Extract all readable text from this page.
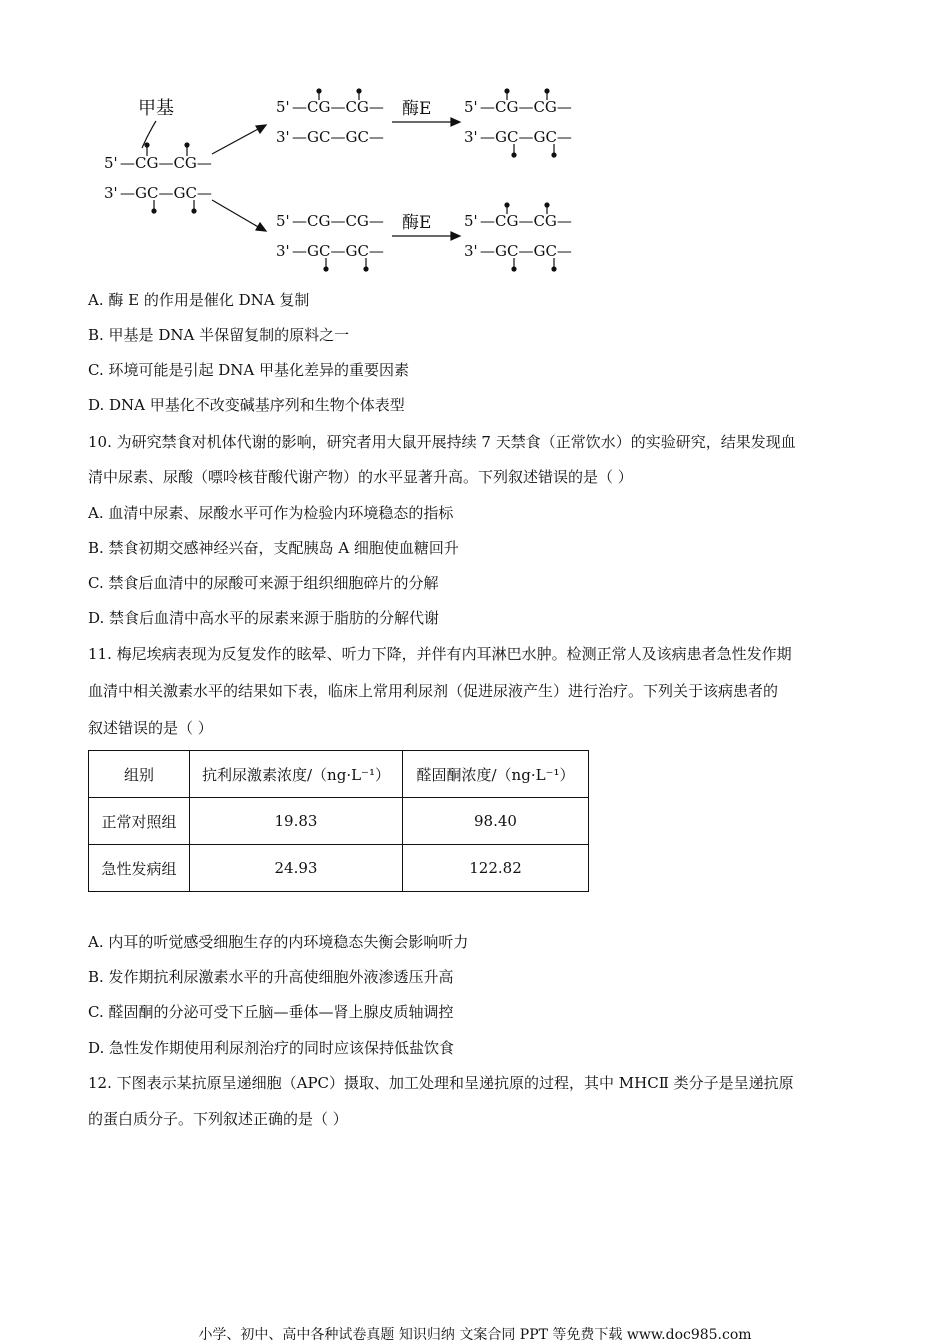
甲基
5' —CG—CG—
3' —GC—GC—
5' —CG—CG—
3' —GC—GC—
酶E 5' —CG—CG—
3' —GC—GC—
5' —CG—CG—
3' —GC—GC—
酶E 5' —CG—CG—
3' —GC—GC—
A. 酶 E 的作用是催化 DNA 复制
B. 甲基是 DNA 半保留复制的原料之一
C. 环境可能是引起 DNA 甲基化差异的重要因素
D. DNA 甲基化不改变碱基序列和生物个体表型
10. 为研究禁食对机体代谢的影响，研究者用大鼠开展持续 7 天禁食（正常饮水）的实验研究，结果发现血
清中尿素、尿酸（嘌呤核苷酸代谢产物）的水平显著升高。下列叙述错误的是（ ）
A. 血清中尿素、尿酸水平可作为检验内环境稳态的指标
B. 禁食初期交感神经兴奋，支配胰岛 A 细胞使血糖回升
C. 禁食后血清中的尿酸可来源于组织细胞碎片的分解
D. 禁食后血清中高水平的尿素来源于脂肪的分解代谢
11. 梅尼埃病表现为反复发作的眩晕、听力下降，并伴有内耳淋巴水肿。检测正常人及该病患者急性发作期
血清中相关激素水平的结果如下表，临床上常用利尿剂（促进尿液产生）进行治疗。下列关于该病患者的
叙述错误的是（ ）
组别	抗利尿激素浓度/（ng·L⁻¹）	醛固酮浓度/（ng·L⁻¹）
正常对照组	19.83	98.40
急性发病组	24.93	122.82
A. 内耳的听觉感受细胞生存的内环境稳态失衡会影响听力
B. 发作期抗利尿激素水平的升高使细胞外液渗透压升高
C. 醛固酮的分泌可受下丘脑—垂体—肾上腺皮质轴调控
D. 急性发作期使用利尿剂治疗的同时应该保持低盐饮食
12. 下图表示某抗原呈递细胞（APC）摄取、加工处理和呈递抗原的过程，其中 MHCⅡ 类分子是呈递抗原
的蛋白质分子。下列叙述正确的是（ ）
小学、初中、高中各种试卷真题 知识归纳 文案合同 PPT 等免费下载 www.doc985.com
